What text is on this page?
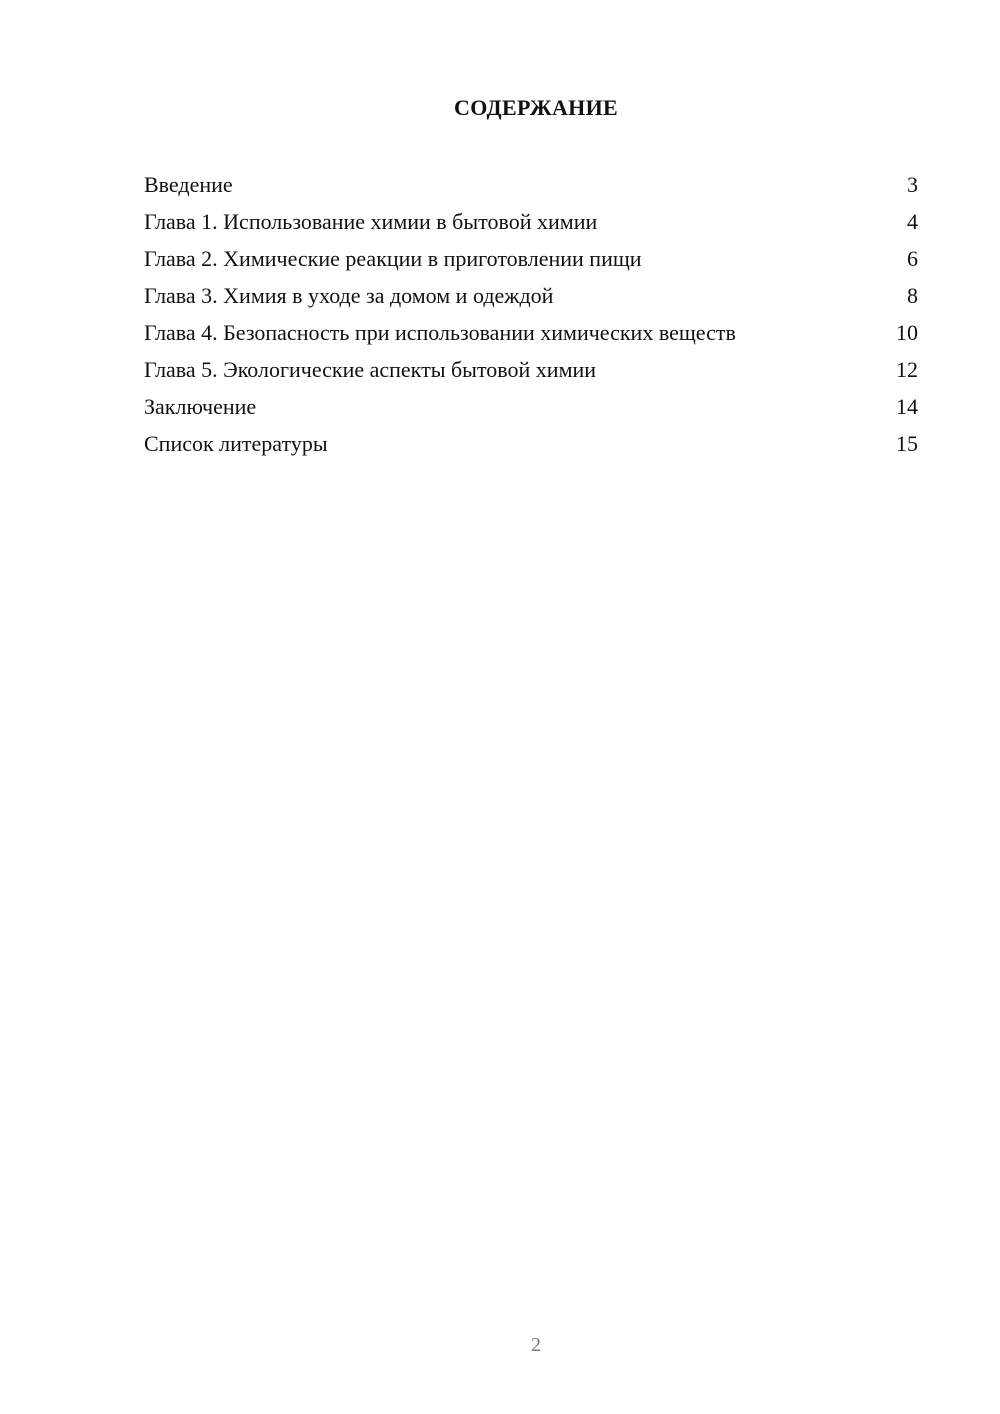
СОДЕРЖАНИЕ
Введение	3
Глава 1. Использование химии в бытовой химии	4
Глава 2. Химические реакции в приготовлении пищи	6
Глава 3. Химия в уходе за домом и одеждой	8
Глава 4. Безопасность при использовании химических веществ	10
Глава 5. Экологические аспекты бытовой химии	12
Заключение	14
Список литературы	15
2
